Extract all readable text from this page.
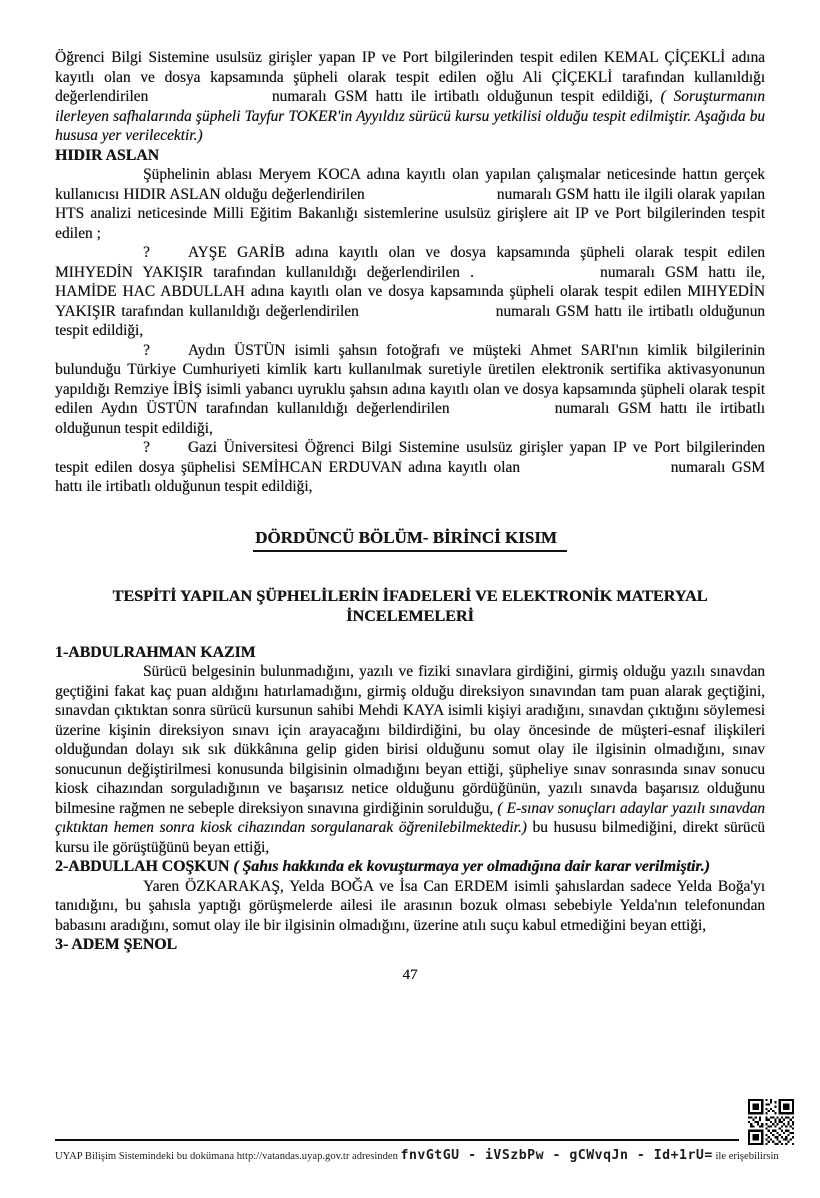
Öğrenci Bilgi Sistemine usulsüz girişler yapan IP ve Port bilgilerinden tespit edilen KEMAL ÇİÇEKLİ adına kayıtlı olan ve dosya kapsamında şüpheli olarak tespit edilen oğlu Ali ÇİÇEKLİ tarafından kullanıldığı değerlendirilen	numaralı GSM hattı ile irtibatlı olduğunun tespit edildiği, ( Soruşturmanın ilerleyen safhalarında şüpheli Tayfur TOKER'in Ayyıldız sürücü kursu yetkilisi olduğu tespit edilmiştir. Aşağıda bu hususa yer verilecektir.)

HIDIR ASLAN

Şüphelinin ablası Meryem KOCA adına kayıtlı olan yapılan çalışmalar neticesinde hattın gerçek kullanıcısı HIDIR ASLAN olduğu değerlendirilen	numaralı GSM hattı ile ilgili olarak yapılan HTS analizi neticesinde Milli Eğitim Bakanlığı sistemlerine usulsüz girişlere ait IP ve Port bilgilerinden tespit edilen ;

? AYŞE GARİB adına kayıtlı olan ve dosya kapsamında şüpheli olarak tespit edilen MIHYEDİN YAKIŞIR tarafından kullanıldığı değerlendirilen .	numaralı GSM hattı ile, HAMİDE HAC ABDULLAH adına kayıtlı olan ve dosya kapsamında şüpheli olarak tespit edilen MIHYEDİN YAKIŞIR tarafından kullanıldığı değerlendirilen	numaralı GSM hattı ile irtibatlı olduğunun tespit edildiği,

? Aydın ÜSTÜN isimli şahsın fotoğrafı ve müşteki Ahmet SARI'nın kimlik bilgilerinin bulunduğu Türkiye Cumhuriyeti kimlik kartı kullanılmak suretiyle üretilen elektronik sertifika aktivasyonunun yapıldığı Remziye İBİŞ isimli yabancı uyruklu şahsın adına kayıtlı olan ve dosya kapsamında şüpheli olarak tespit edilen Aydın ÜSTÜN tarafından kullanıldığı değerlendirilen	numaralı GSM hattı ile irtibatlı olduğunun tespit edildiği,

? Gazi Üniversitesi Öğrenci Bilgi Sistemine usulsüz girişler yapan IP ve Port bilgilerinden tespit edilen dosya şüphelisi SEMİHCAN ERDUVAN adına kayıtlı olan	numaralı GSM hattı ile irtibatlı olduğunun tespit edildiği,

DÖRDÜNCÜ BÖLÜM- BİRİNCİ KISIM

TESPİTİ YAPILAN ŞÜPHELİLERİN İFADELERİ VE ELEKTRONİK MATERYAL
İNCELEMELERİ

1-ABDULRAHMAN KAZIM

Sürücü belgesinin bulunmadığını, yazılı ve fiziki sınavlara girdiğini, girmiş olduğu yazılı sınavdan geçtiğini fakat kaç puan aldığını hatırlamadığını, girmiş olduğu direksiyon sınavından tam puan alarak geçtiğini, sınavdan çıktıktan sonra sürücü kursunun sahibi Mehdi KAYA isimli kişiyi aradığını, sınavdan çıktığını söylemesi üzerine kişinin direksiyon sınavı için arayacağını bildirdiğini, bu olay öncesinde de müşteri-esnaf ilişkileri olduğundan dolayı sık sık dükkânına gelip giden birisi olduğunu somut olay ile ilgisinin olmadığını, sınav sonucunun değiştirilmesi konusunda bilgisinin olmadığını beyan ettiği, şüpheliye sınav sonrasında sınav sonucu kiosk cihazından sorguladığının ve başarısız netice olduğunu gördüğünün, yazılı sınavda başarısız olduğunu bilmesine rağmen ne sebeple direksiyon sınavına girdiğinin sorulduğu, ( E-sınav sonuçları adaylar yazılı sınavdan çıktıktan hemen sonra kiosk cihazından sorgulanarak öğrenilebilmektedir.) bu hususu bilmediğini, direkt sürücü kursu ile görüştüğünü beyan ettiği,

2-ABDULLAH COŞKUN ( Şahıs hakkında ek kovuşturmaya yer olmadığına dair karar verilmiştir.)

Yaren ÖZKARAKAŞ, Yelda BOĞA ve İsa Can ERDEM isimli şahıslardan sadece Yelda Boğa'yı tanıdığını, bu şahısla yaptığı görüşmelerde ailesi ile arasının bozuk olması sebebiyle Yelda'nın telefonundan babasını aradığını, somut olay ile bir ilgisinin olmadığını, üzerine atılı suçu kabul etmediğini beyan ettiği,

3- ADEM ŞENOL
47
UYAP Bilişim Sistemindeki bu dokümana http://vatandas.uyap.gov.tr adresinden fnvGtGU - iVSzbPw - gCWvqJn - Id+1rU= ile erişebilirsin
